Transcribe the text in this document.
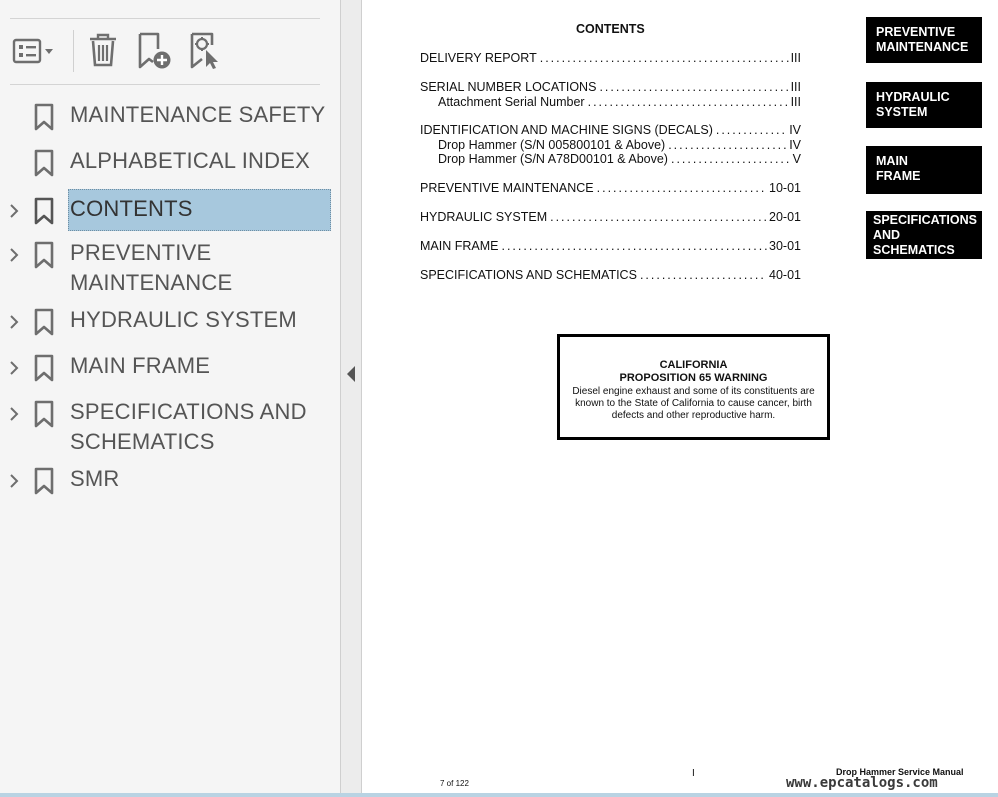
MAINTENANCE SAFETY
ALPHABETICAL INDEX
CONTENTS
PREVENTIVE
MAINTENANCE
HYDRAULIC SYSTEM
MAIN FRAME
SPECIFICATIONS AND
SCHEMATICS
SMR
CONTENTS
DELIVERY REPORT .....	III
SERIAL NUMBER LOCATIONS .....	III
Attachment Serial Number .....	III
IDENTIFICATION AND MACHINE SIGNS (DECALS) .....	IV
Drop Hammer (S/N 005800101 & Above) .....	IV
Drop Hammer (S/N A78D00101 & Above) .....	V
PREVENTIVE MAINTENANCE .....	10-01
HYDRAULIC SYSTEM .....	20-01
MAIN FRAME .....	30-01
SPECIFICATIONS AND SCHEMATICS .....	40-01
PREVENTIVE
MAINTENANCE
HYDRAULIC
SYSTEM
MAIN
FRAME
SPECIFICATIONS
AND
SCHEMATICS
CALIFORNIA
PROPOSITION 65 WARNING
Diesel engine exhaust and some of its constituents are known to the State of California to cause cancer, birth defects and other reproductive harm.
7 of 122
I	Drop Hammer Service Manual
www.epcatalogs.com
